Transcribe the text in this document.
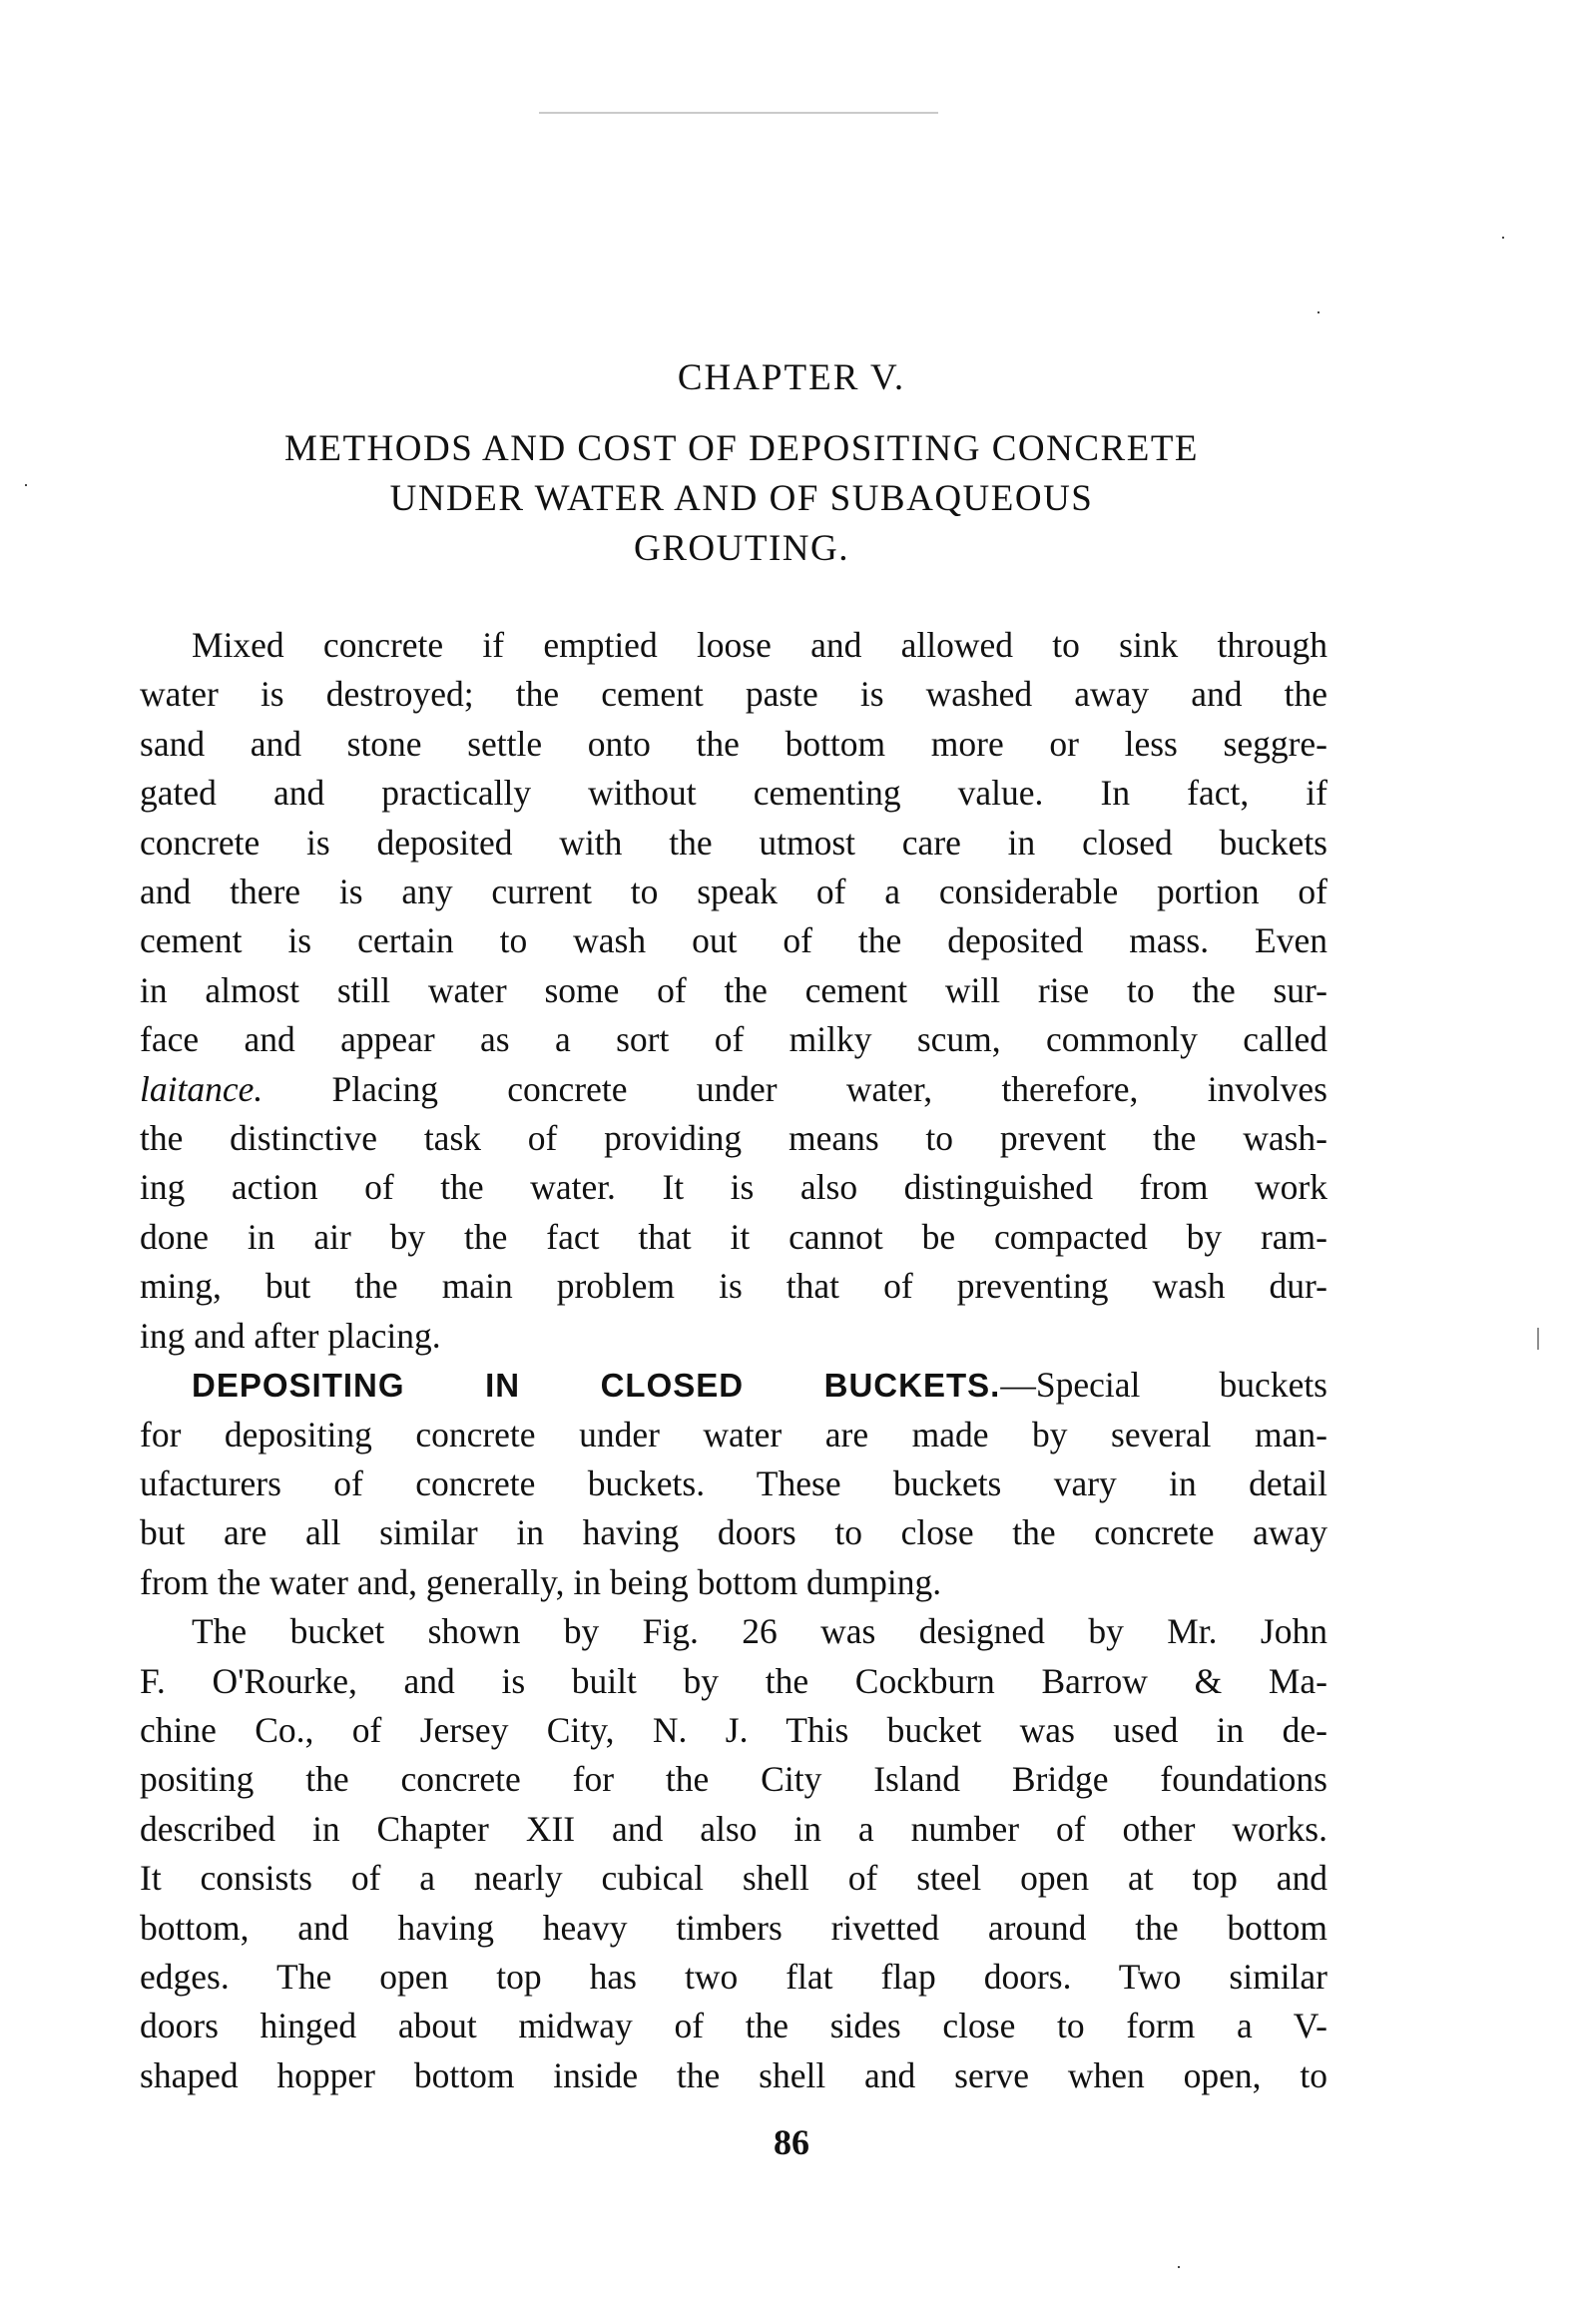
CHAPTER V.
METHODS AND COST OF DEPOSITING CONCRETE
UNDER WATER AND OF SUBAQUEOUS
GROUTING.
Mixed concrete if emptied loose and allowed to sink through
water is destroyed; the cement paste is washed away and the
sand and stone settle onto the bottom more or less seggre-
gated and practically without cementing value. In fact, if
concrete is deposited with the utmost care in closed buckets
and there is any current to speak of a considerable portion of
cement is certain to wash out of the deposited mass. Even
in almost still water some of the cement will rise to the sur-
face and appear as a sort of milky scum, commonly called
laitance. Placing concrete under water, therefore, involves
the distinctive task of providing means to prevent the wash-
ing action of the water. It is also distinguished from work
done in air by the fact that it cannot be compacted by ram-
ming, but the main problem is that of preventing wash dur-
ing and after placing.
DEPOSITING IN CLOSED BUCKETS.—Special buckets
for depositing concrete under water are made by several man-
ufacturers of concrete buckets. These buckets vary in detail
but are all similar in having doors to close the concrete away
from the water and, generally, in being bottom dumping.
The bucket shown by Fig. 26 was designed by Mr. John
F. O'Rourke, and is built by the Cockburn Barrow & Ma-
chine Co., of Jersey City, N. J. This bucket was used in de-
positing the concrete for the City Island Bridge foundations
described in Chapter XII and also in a number of other works.
It consists of a nearly cubical shell of steel open at top and
bottom, and having heavy timbers rivetted around the bottom
edges. The open top has two flat flap doors. Two similar
doors hinged about midway of the sides close to form a V-
shaped hopper bottom inside the shell and serve when open, to
86
